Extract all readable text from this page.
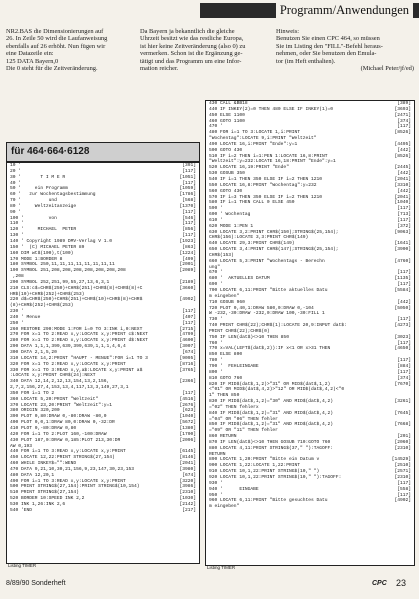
Programm/Anwendungen
NR2.BAS die Dimensionierungen auf
26. In Zeile 50 wird die Laufanweisung
ebenfalls auf 26 erhöht. Nun fügen wir
eine Datazeile ein:
125 DATA Bayern,0
Die 0 steht für die Zeitveränderung.
Da Bayern ja bekanntlich die gleiche
Uhrzeit besitzt wie das restliche Europa,
ist hier keine Zeitveränderung (also 0) zu
vermerken. Schon ist die Ergänzung ge-
tätigt und das Programm um eine Infor-
mation reicher.
Hinweis:
Benutzen Sie einen CPC 464, so müssen
Sie im Listing den "FILL"-Befehl heraus-
nehmen, oder Sie benutzen den Emula-
tor (im Heft enthalten).
(Michael Peter/jf/ed)
für 464·664·6128
10 '	[391]
20 '	[117]
30 '       T I M E R	[1051]
40 '	[117]
50 '     ein Programm	[1059]
60 '   zur Wochentagsbestimmung	[1786]
70 '          und	[568]
80 '     Weltzeitanzeige	[1370]
90 '	[117]
100 '         von	[546]
110 '	[117]
120 '     MICHAEL  PETER	[856]
130 '	[117]
140 ' Copyright 1989 DMV-Verlag V 1.0	[1923]
150 '  (C) MICHAEL PETER 89	[863]
160 DIM wt$(100),t(100)	[1224]
170 MODE 1:BORDER 8	[499]
180 SYMBOL 250,11,11,11,11,11,11,11,11	[2001]
190 SYMBOL 251,208,208,208,208,208,208,208	[2089]
,208
200 SYMBOL 252,251,99,55,27,13,6,3,1	[2189]
210 CLS:c$=CHR$(250)+CHR$(251)+CHR$(8)+CHR$(8)+C	[3660]
HR$(10)+CHR$(252)+CHR$(253)
220 d$=CHR$(250)+CHR$(251)+CHR$(10)+CHR$(8)+CHR$	[4992]
(8)+CHR$(252)+CHR$(253)
230 '	[117]
240 ' Menue	[407]
250 '	[117]
260 RESTORE 290:MODE 1:FOR i=0 TO 3:INK i,0:NEXT	[2715]
270 FOR x=1 TO 2:READ x,y:LOCATE x,y:PRINT c$:NEXT	[4799]
280 FOR x=1 TO 2:READ x,y:LOCATE x,y:PRINT d$:NEXT	[4600]
290 DATA 1,1,1,399,639,399,639,1,1,1,4,6,4	[3007]
300 DATA 2,1,5,20	[674]
310 LOCATE 14,2:PRINT "HAUPT - MENUE":FOR i=1 TO 3	[9095]
320 FOR x=1 TO 2:READ x,y:LOCATE x,y:PRINT	[8716]
330 FOR x=1 TO 3:READ x,y,a$:LOCATE x,y:PRINT a$	[3765]
:LOCATE x,y:PRINT CHR$(24):NEXT
340 DATA 12,14,2,12,13,154,13,2,156,	[2366]
2,7,2,156,27,4,153,13,4,117,13,3,149,27,3,1
350 FOR i=1 TO 2	[117]
360 LOCATE 5,20:PRINT "Weltzeit"	[4516]
370 LOCATE 23,20:PRINT "Weltzeit":y=1	[2676]
380 ORIGIN 320,200	[623]
390 PLOT 0,80:DRAW 0,-80:DRAW -80,0	[1040]
400 PLOT 0,0,1:DRAW 80,0:DRAW 0,-32:DR	[5672]
410 PLOT 0,-80:DRAW 0,80	[1380]
420 FOR i=1 TO 2:PLOT 160,-100:DRAW	[1700]
430 PLOT 187,0:DRAW 0,185:PLOT 213,30:DR	[2096]
AW 0,193
440 FOR i=1 TO 3:READ x,y:LOCATE x,y:PRINT	[6145]
450 LOCATE 12,22:PRINT STRING$(27,154)	[8146]
460 WHILE INKEY$="":WEND	[2041]
470 DATA 9,21,10,30,21,156,9,23,147,30,23,153	[3980]
480 DATA 12,20,1	[674]
490 FOR i=1 TO 3:READ x,y:LOCATE x,y:PRINT	[3220]
500 PRINT STRING$(27,154):PRINT STRING$(10,154)	[3986]
510 PRINT STRING$(27,154)	[2310]
520 BORDER 10:SPEED INK 2,2	[1030]
530 INK 1,26:INK 2,6	[2142]
540 'END	[217]
Listing TIMER
430 CALL &BB18	[389]
440 IF INKEY(2)=0 THEN 480 ELSE IF INKEY(1)=0	[3693]
450 ELSE 1100	[2471]
460 GOTO 1100	[374]
470 '	[117]
480 FOR i=1 TO 3:LOCATE 1,i:PRINT	[8526]
"Wochentag":LOCATE 9,i:PRINT "Weltzeit"
490 LOCATE 16,i:PRINT "Ende":y=1	[4495]
500 GOTO 430	[442]
510 IF i=2 THEN i=1:PEN 1:LOCATE 16,8:PRINT	[8526]
"Weltzeit":y=232:LOCATE 16,18:PRINT "Ende":y=1
520 LOCATE 16,19:PRINT "Ende"	[2445]
530 GOSUB 350	[442]
540 IF i=1 THEN 350 ELSE IF i=2 THEN 1210	[2041]
550 LOCATE 16,8:PRINT "Wochentag":y=232	[3310]
560 GOTO 430	[442]
570 IF i=3 THEN 350 ELSE IF i=2 THEN 1210	[2041]
580 IF i=1 THEN CALL 0 ELSE 450	[1040]
590 '	[117]
600 ' Wochentag	[713]
610 '	[117]
620 MODE 1:PEN 1	[372]
630 LOCATE 3,2:PRINT CHR$(150);STRING$(25,154);	[9063]
CHR$(156):LOCATE 3,3:PRINT CHR$(149)
640 LOCATE 29,3:PRINT CHR$(149)	[1641]
650 LOCATE 3,4:PRINT CHR$(147);STRING$(25,154);	[3900]
CHR$(153)
660 LOCATE 5,3:PRINT "Wochentags - Berechn	[4760]
ung"
670 '	[117]
680 '  AKTUELLES DATUM	[1135]
690 '	[117]
700 LOCATE 6,11:PRINT "Bitte aktuelles Datu	[5584]
m eingeben"
710 GOSUB 960	[442]
720 PLOT 0,40,1:DRAW 580,0:DRAW 0,-104	[5050]
W -232,-30:DRAW -232,0:DRAW 100,-30:FILL 1
730 '	[117]
740 PRINT CHR$(22);CHR$(1):LOCATE 20,9:INPUT dat$:	[4273]
PRINT CHR$(22);CHR$(0)
750 IF LEN(dat$)<>10 THEN 850	[3023]
760 '	[117]
770 x=VAL(LEFT$(dat$,2)):IF x<1 OR x>31 THEN	[4650]
850 ELSE 800
780 '	[117]
790 '  FEHLEINGABE	[884]
800 '	[117]
810 GOTO 760	[374]
820 IF MID$(dat$,1,2)>"31" OR MID$(dat$,1,2)	[7670]
<"01" OR MID$(dat$,4,2)>"12" OR MID$(dat$,4,2)<"0
1" THEN 850
830 IF MID$(dat$,1,2)="30" AND MID$(dat$,4,2)	[3261]
="02" THEN fehlerx
840 IF MID$(dat$,1,2)="31" AND MID$(dat$,4,2)	[7645]
="04" OR "06" THEN fehler
850 IF MID$(dat$,1,2)="31" AND MID$(dat$,4,2)	[7668]
="09" OR "11" THEN fehler
860 RETURN	[201]
870 IF LEN(dat$)<>10 THEN GOSUB 710:GOTO 760	[2060]
880 LOCATE 4,11:PRINT STRING$(37," "):TAGOFF:	[2310]
RETURN
890 LOCATE 1,20:PRINT "Bitte ein Datum v	[14529]
900 LOCATE 1,22:LOCATE 1,22:PRINT	[2510]
910 LOCATE 10,1,22:PRINT STRING$(10," ")	[2571]
920 LOCATE 10,1,22:PRINT STRING$(10," "):TAGOFF:	[2310]
930 '	[117]
940 '      EINGABE	[558]
950 '	[117]
960 LOCATE 6,11:PRINT "Bitte gesuchtes Datu	[4902]
m eingeben"
Listing TIMER
8/89/90 Sonderheft	CPC 23
